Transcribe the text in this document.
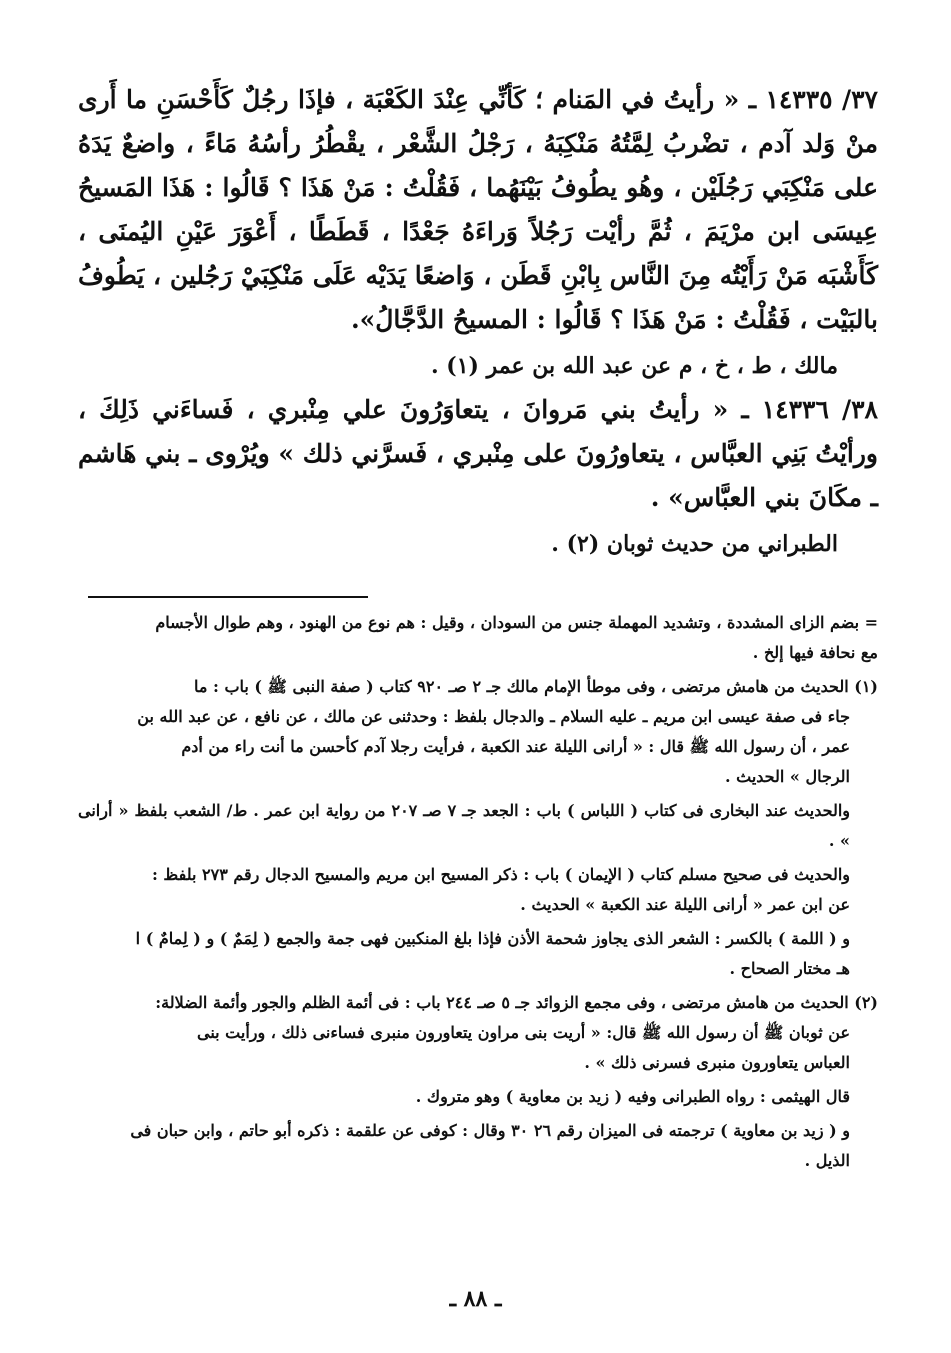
٣٧/ ١٤٣٣٥ ـ « رأيتُ في المَنام ؛ كَأنِّي عِنْدَ الكَعْبَة ، فإذَا رجُلٌ كَأَحْسَنِ ما أَرى منْ وَلد آدم ، تضْربُ لِمَّتُهُ مَنْكِبَهُ ، رَجْلُ الشَّعْر ، يقْطُرُ رأسُهُ مَاءً ، واضعٌ يَدَهُ على مَنْكِبَي رَجُلَيْن ، وهُو يطُوفُ بَيْنَهُما ، فَقُلْتُ : مَنْ هَذَا ؟ قَالُوا : هَذَا المَسيحُ عِيسَى ابن مرْيَمَ ، ثُمَّ رأيْت رَجُلاً وَراءَهُ جَعْدًا ، قَطَطًا ، أَعْوَرَ عَيْنِ اليُمنَى ، كَأَشْبَه مَنْ رَأَيْتُه مِنَ النَّاس بِابْنِ قَطَن ، وَاضعًا يَدَيْه عَلَى مَنْكِبَيْ رَجُلين ، يَطُوفُ بالبَيْت ، فَقُلْتُ : مَنْ هَذَا ؟ قَالُوا : المسيحُ الدَّجَّالُ».

مالك ، ط ، خ ، م عن عبد الله بن عمر (١) .

٣٨/ ١٤٣٣٦ ـ « رأيتُ بني مَروانَ ، يتعاوَرُونَ علي مِنْبري ، فَساءَني ذَلِكَ ، ورأيْتُ بَنِي العبَّاس ، يتعاورُونَ على مِنْبري ، فَسرَّني ذلك » ويُرْوى ـ بني هَاشم ـ مكَانَ بني العبَّاس» .

الطبراني من حديث ثوبان (٢) .

= بضم الزاى المشددة ، وتشديد المهملة جنس من السودان ، وقيل : هم نوع من الهنود ، وهم طوال الأجسام

مع نحافة فيها إلخ .

(١) الحديث من هامش مرتضى ، وفى موطأ الإمام مالك جـ ٢ صـ ٩٢٠ كتاب ( صفة النبى ﷺ ) باب : ما

جاء فى صفة عيسى ابن مريم ـ عليه السلام ـ والدجال بلفظ : وحدثنى عن مالك ، عن نافع ، عن عبد الله بن

عمر ، أن رسول الله ﷺ قال : « أرانى الليلة عند الكعبة ، فرأيت رجلا آدم كأحسن ما أنت راء من أدم

الرجال » الحديث .

والحديث عند البخارى فى كتاب ( اللباس ) باب : الجعد جـ ٧ صـ ٢٠٧ من رواية ابن عمر . ط/ الشعب بلفظ « أرانى » .

والحديث فى صحيح مسلم كتاب ( الإيمان ) باب : ذكر المسيح ابن مريم والمسيح الدجال رقم ٢٧٣ بلفظ :

عن ابن عمر « أرانى الليلة عند الكعبة » الحديث .

و ( اللمة ) بالكسر : الشعر الذى يجاوز شحمة الأذن فإذا بلغ المنكبين فهى جمة والجمع ( لِمَمٌ ) و ( لِمامٌ ) ا

هـ مختار الصحاح .

(٢) الحديث من هامش مرتضى ، وفى مجمع الزوائد جـ ٥ صـ ٢٤٤ باب : فى أئمة الظلم والجور وأئمة الضلالة:

عن ثوبان ﷺ أن رسول الله ﷺ قال: « أريت بنى مراون يتعاورون منبرى فساءنى ذلك ، ورأيت بنى

العباس يتعاورون منبرى فسرنى ذلك » .

قال الهيثمى : رواه الطبرانى وفيه ( زيد بن معاوية ) وهو متروك .

و ( زيد بن معاوية ) ترجمته فى الميزان رقم ٢٦ ٣٠ وقال : كوفى عن علقمة : ذكره أبو حاتم ، وابن حبان فى

الذيل .

ـ ٨٨ ـ
